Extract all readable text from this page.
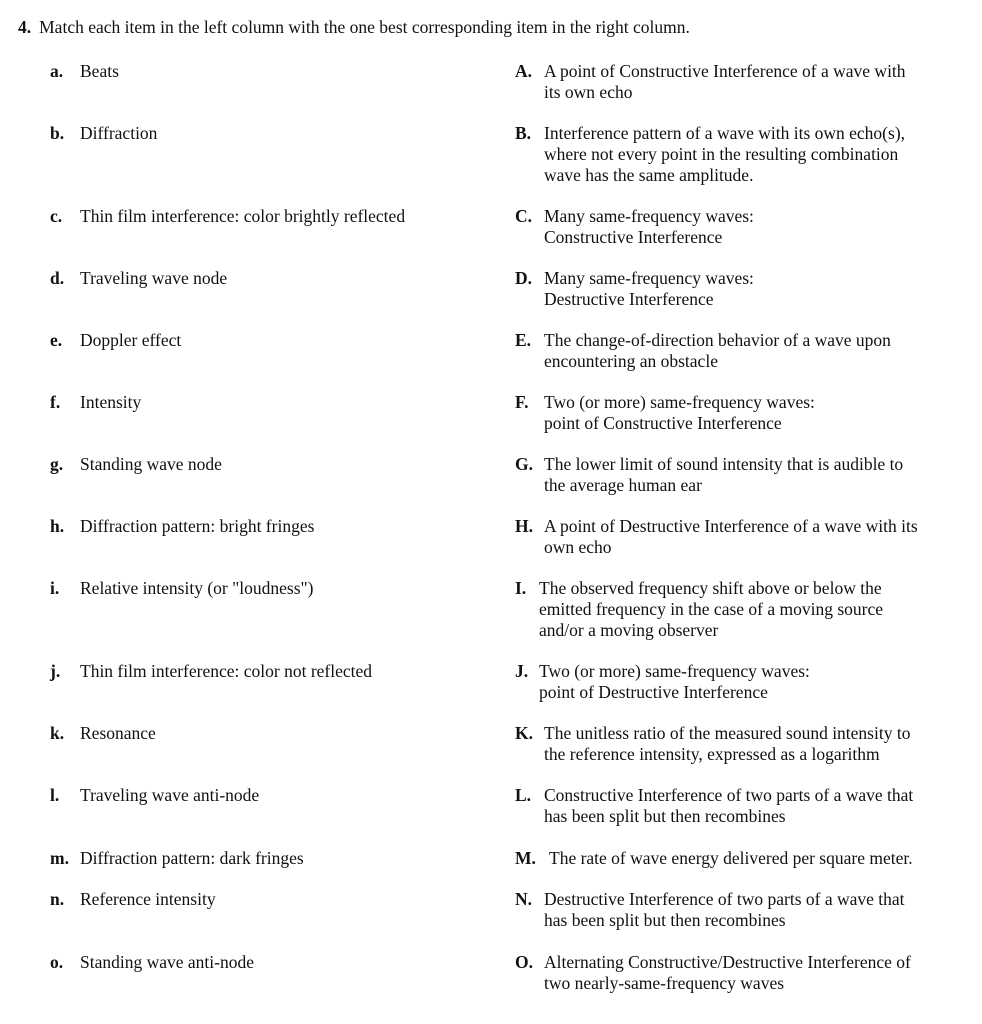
4. Match each item in the left column with the one best corresponding item in the right column.
a. Beats	A. A point of Constructive Interference of a wave with
its own echo
b. Diffraction	B. Interference pattern of a wave with its own echo(s),
where not every point in the resulting combination
wave has the same amplitude.
c. Thin film interference: color brightly reflected	C. Many same-frequency waves:
Constructive Interference
d. Traveling wave node	D. Many same-frequency waves:
Destructive Interference
e. Doppler effect	E. The change-of-direction behavior of a wave upon
encountering an obstacle
f. Intensity	F. Two (or more) same-frequency waves:
point of Constructive Interference
g. Standing wave node	G. The lower limit of sound intensity that is audible to
the average human ear
h. Diffraction pattern: bright fringes	H. A point of Destructive Interference of a wave with its
own echo
i. Relative intensity (or "loudness")	I. The observed frequency shift above or below the
emitted frequency in the case of a moving source
and/or a moving observer
j. Thin film interference: color not reflected	J. Two (or more) same-frequency waves:
point of Destructive Interference
k. Resonance	K. The unitless ratio of the measured sound intensity to
the reference intensity, expressed as a logarithm
l. Traveling wave anti-node	L. Constructive Interference of two parts of a wave that
has been split but then recombines
m. Diffraction pattern: dark fringes	M. The rate of wave energy delivered per square meter.
n. Reference intensity	N. Destructive Interference of two parts of a wave that
has been split but then recombines
o. Standing wave anti-node	O. Alternating Constructive/Destructive Interference of
two nearly-same-frequency waves
